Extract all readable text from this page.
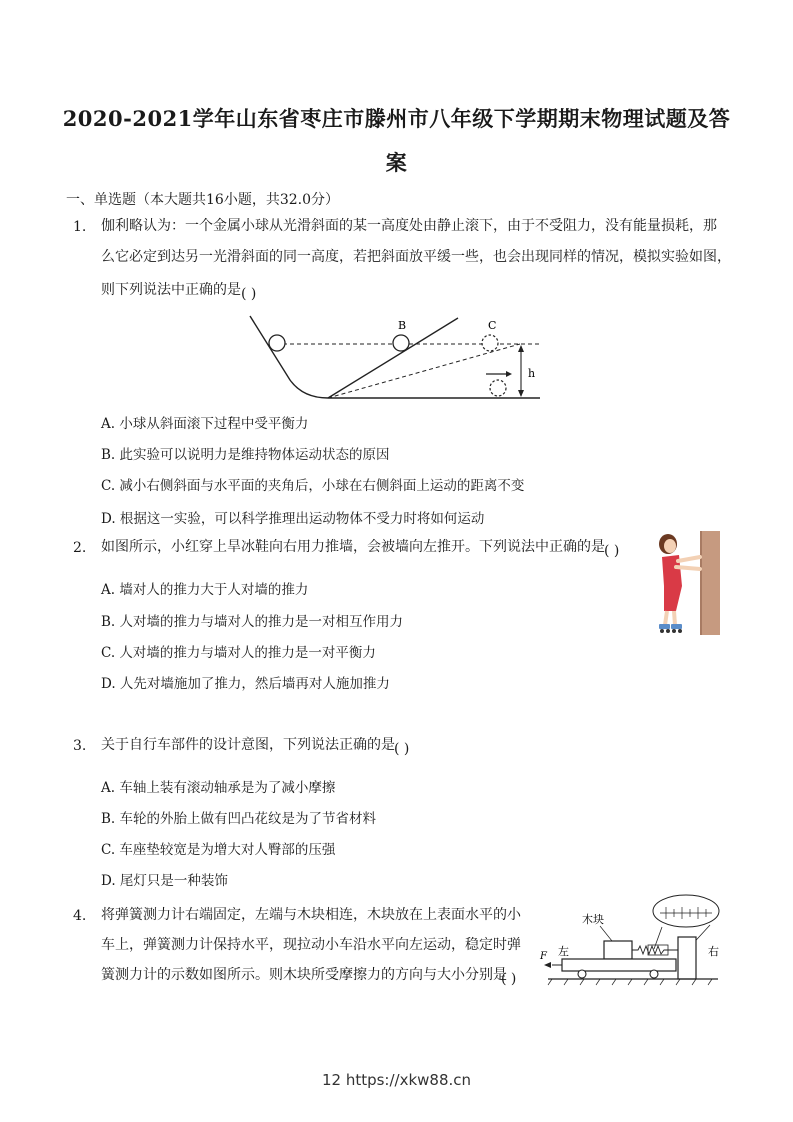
2020-2021学年山东省枣庄市滕州市八年级下学期期末物理试题及答
案
一、单选题（本大题共16小题，共32.0分）
1. 伽利略认为：一个金属小球从光滑斜面的某一高度处由静止滚下，由于不受阻力，没有能量损耗，那
么它必定到达另一光滑斜面的同一高度，若把斜面放平缓一些，也会出现同样的情况，模拟实验如图，
则下列说法中正确的是 ( )
B	C
h
A. 小球从斜面滚下过程中受平衡力
B. 此实验可以说明力是维持物体运动状态的原因
C. 减小右侧斜面与水平面的夹角后，小球在右侧斜面上运动的距离不变
D. 根据这一实验，可以科学推理出运动物体不受力时将如何运动
2. 如图所示，小红穿上旱冰鞋向右用力推墙，会被墙向左推开。下列说法中正确的是 ( )
A. 墙对人的推力大于人对墙的推力
B. 人对墙的推力与墙对人的推力是一对相互作用力
C. 人对墙的推力与墙对人的推力是一对平衡力
D. 人先对墙施加了推力，然后墙再对人施加推力
3. 关于自行车部件的设计意图，下列说法正确的是 ( )
A. 车轴上装有滚动轴承是为了减小摩擦
B. 车轮的外胎上做有凹凸花纹是为了节省材料
C. 车座垫较宽是为增大对人臀部的压强
D. 尾灯只是一种装饰
4. 将弹簧测力计右端固定，左端与木块相连，木块放在上表面水平的小
车上，弹簧测力计保持水平，现拉动小车沿水平向左运动，稳定时弹
簧测力计的示数如图所示。则木块所受摩擦力的方向与大小分别是
( )
木块
左	右
F
12 https://xkw88.cn
